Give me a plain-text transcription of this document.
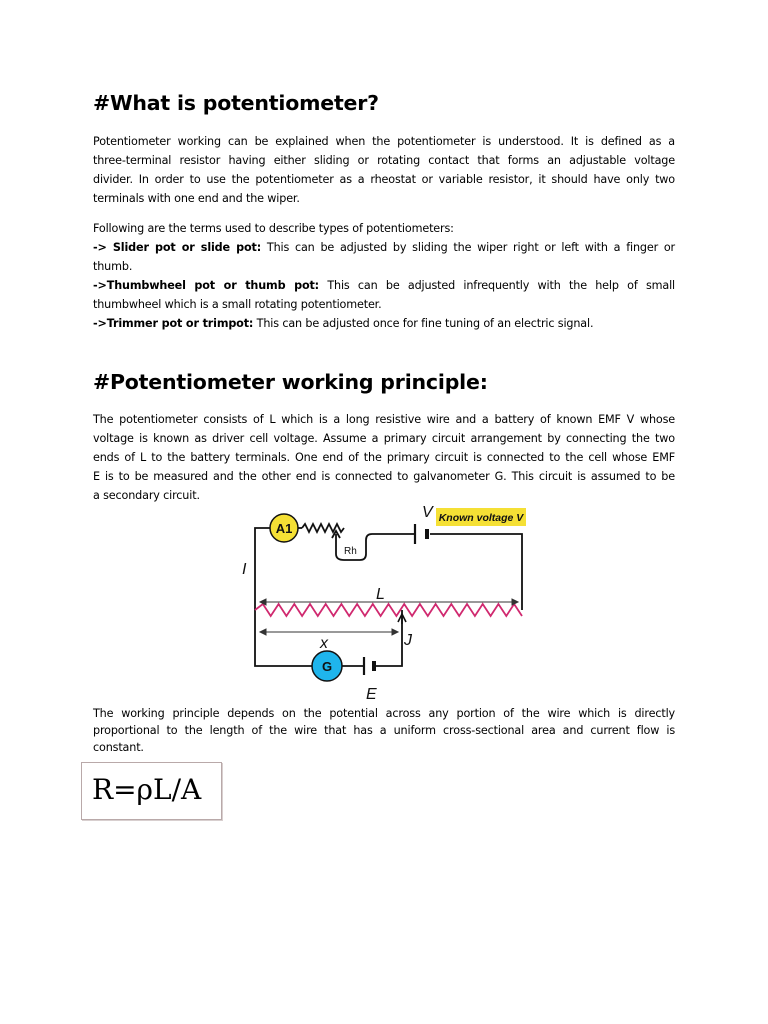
#What is potentiometer?

Potentiometer working can be explained when the potentiometer is understood. It is defined as a
three-terminal resistor having either sliding or rotating contact that forms an adjustable voltage
divider. In order to use the potentiometer as a rheostat or variable resistor, it should have only two
terminals with one end and the wiper.

Following are the terms used to describe types of potentiometers:
-> Slider pot or slide pot: This can be adjusted by sliding the wiper right or left with a finger or
thumb.
->Thumbwheel pot or thumb pot: This can be adjusted infrequently with the help of small
thumbwheel which is a small rotating potentiometer.
->Trimmer pot or trimpot: This can be adjusted once for fine tuning of an electric signal.

#Potentiometer working principle:

The potentiometer consists of L which is a long resistive wire and a battery of known EMF V whose
voltage is known as driver cell voltage. Assume a primary circuit arrangement by connecting the two
ends of L to the battery terminals. One end of the primary circuit is connected to the cell whose EMF
E is to be measured and the other end is connected to galvanometer G. This circuit is assumed to be
a secondary circuit.

The working principle depends on the potential across any portion of the wire which is directly
proportional to the length of the wire that has a uniform cross-sectional area and current flow is
constant.

A1
G
Known voltage V
V
I
L
x	J
E
Rh
R=ρL/A
